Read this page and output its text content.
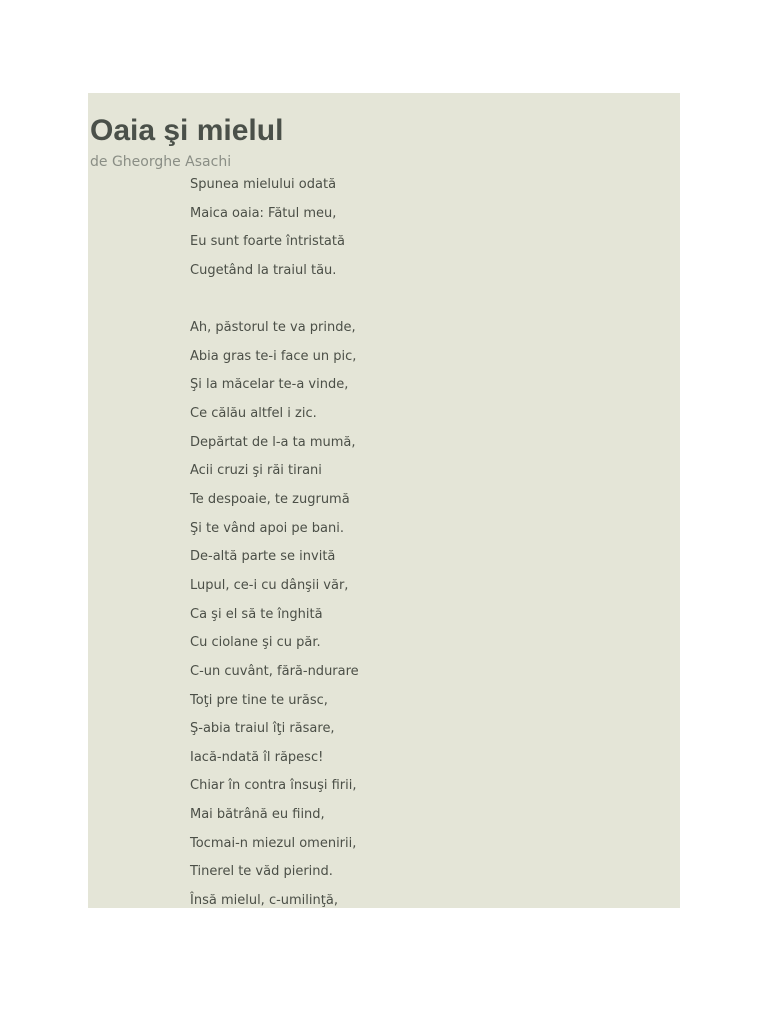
Oaia şi mielul
de Gheorghe Asachi
Spunea mielului odată
Maica oaia: Fătul meu,
Eu sunt foarte întristată
Cugetând la traiul tău.
Ah, păstorul te va prinde,
Abia gras te-i face un pic,
Şi la măcelar te-a vinde,
Ce călău altfel i zic.
Depărtat de l-a ta mumă,
Acii cruzi şi răi tirani
Te despoaie, te zugrumă
Şi te vând apoi pe bani.
De-altă parte se invită
Lupul, ce-i cu dânşii văr,
Ca şi el să te înghită
Cu ciolane şi cu păr.
C-un cuvânt, fără-ndurare
Toţi pre tine te urăsc,
Ş-abia traiul îţi răsare,
Iacă-ndată îl răpesc!
Chiar în contra însuşi firii,
Mai bătrână eu fiind,
Tocmai-n miezul omenirii,
Tinerel te văd pierind.
Însă mielul, c-umilinţă,
